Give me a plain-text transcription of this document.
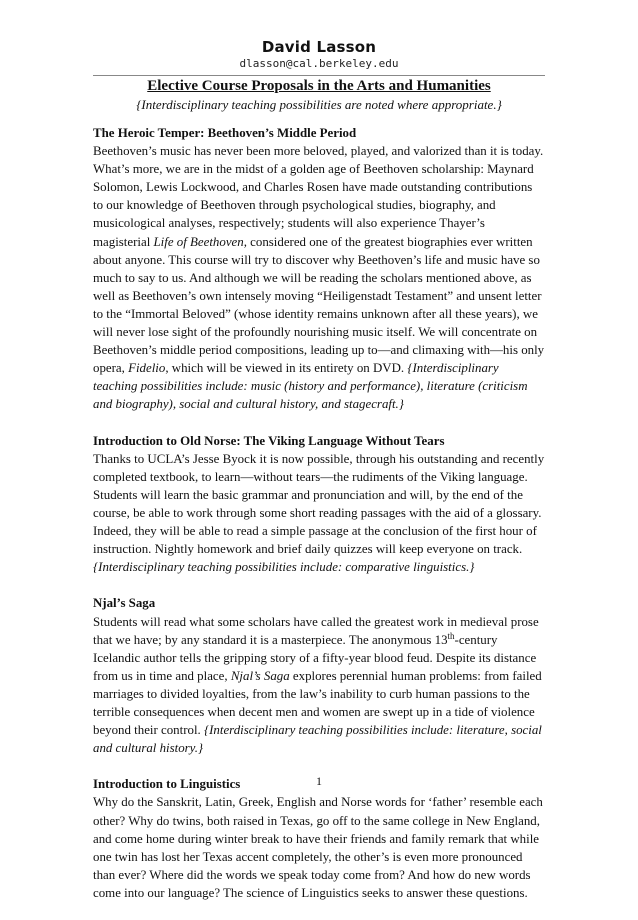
David Lasson
dlasson@cal.berkeley.edu
Elective Course Proposals in the Arts and Humanities
{Interdisciplinary teaching possibilities are noted where appropriate.}
The Heroic Temper: Beethoven’s Middle Period
Beethoven’s music has never been more beloved, played, and valorized than it is today. What’s more, we are in the midst of a golden age of Beethoven scholarship: Maynard Solomon, Lewis Lockwood, and Charles Rosen have made outstanding contributions to our knowledge of Beethoven through psychological studies, biography, and musicological analyses, respectively; students will also experience Thayer’s magisterial Life of Beethoven, considered one of the greatest biographies ever written about anyone. This course will try to discover why Beethoven’s life and music have so much to say to us. And although we will be reading the scholars mentioned above, as well as Beethoven’s own intensely moving “Heiligenstadt Testament” and unsent letter to the “Immortal Beloved” (whose identity remains unknown after all these years), we will never lose sight of the profoundly nourishing music itself. We will concentrate on Beethoven’s middle period compositions, leading up to—and climaxing with—his only opera, Fidelio, which will be viewed in its entirety on DVD. {Interdisciplinary teaching possibilities include: music (history and performance), literature (criticism and biography), social and cultural history, and stagecraft.}
Introduction to Old Norse: The Viking Language Without Tears
Thanks to UCLA’s Jesse Byock it is now possible, through his outstanding and recently completed textbook, to learn—without tears—the rudiments of the Viking language. Students will learn the basic grammar and pronunciation and will, by the end of the course, be able to work through some short reading passages with the aid of a glossary. Indeed, they will be able to read a simple passage at the conclusion of the first hour of instruction. Nightly homework and brief daily quizzes will keep everyone on track. {Interdisciplinary teaching possibilities include: comparative linguistics.}
Njal’s Saga
Students will read what some scholars have called the greatest work in medieval prose that we have; by any standard it is a masterpiece. The anonymous 13th-century Icelandic author tells the gripping story of a fifty-year blood feud. Despite its distance from us in time and place, Njal’s Saga explores perennial human problems: from failed marriages to divided loyalties, from the law’s inability to curb human passions to the terrible consequences when decent men and women are swept up in a tide of violence beyond their control. {Interdisciplinary teaching possibilities include: literature, social and cultural history.}
Introduction to Linguistics
Why do the Sanskrit, Latin, Greek, English and Norse words for ‘father’ resemble each other? Why do twins, both raised in Texas, go off to the same college in New England, and come home during winter break to have their friends and family remark that while one twin has lost her Texas accent completely, the other’s is even more pronounced than ever? Where did the words we speak today come from? And how do new words come into our language? The science of Linguistics seeks to answer these questions.
1
